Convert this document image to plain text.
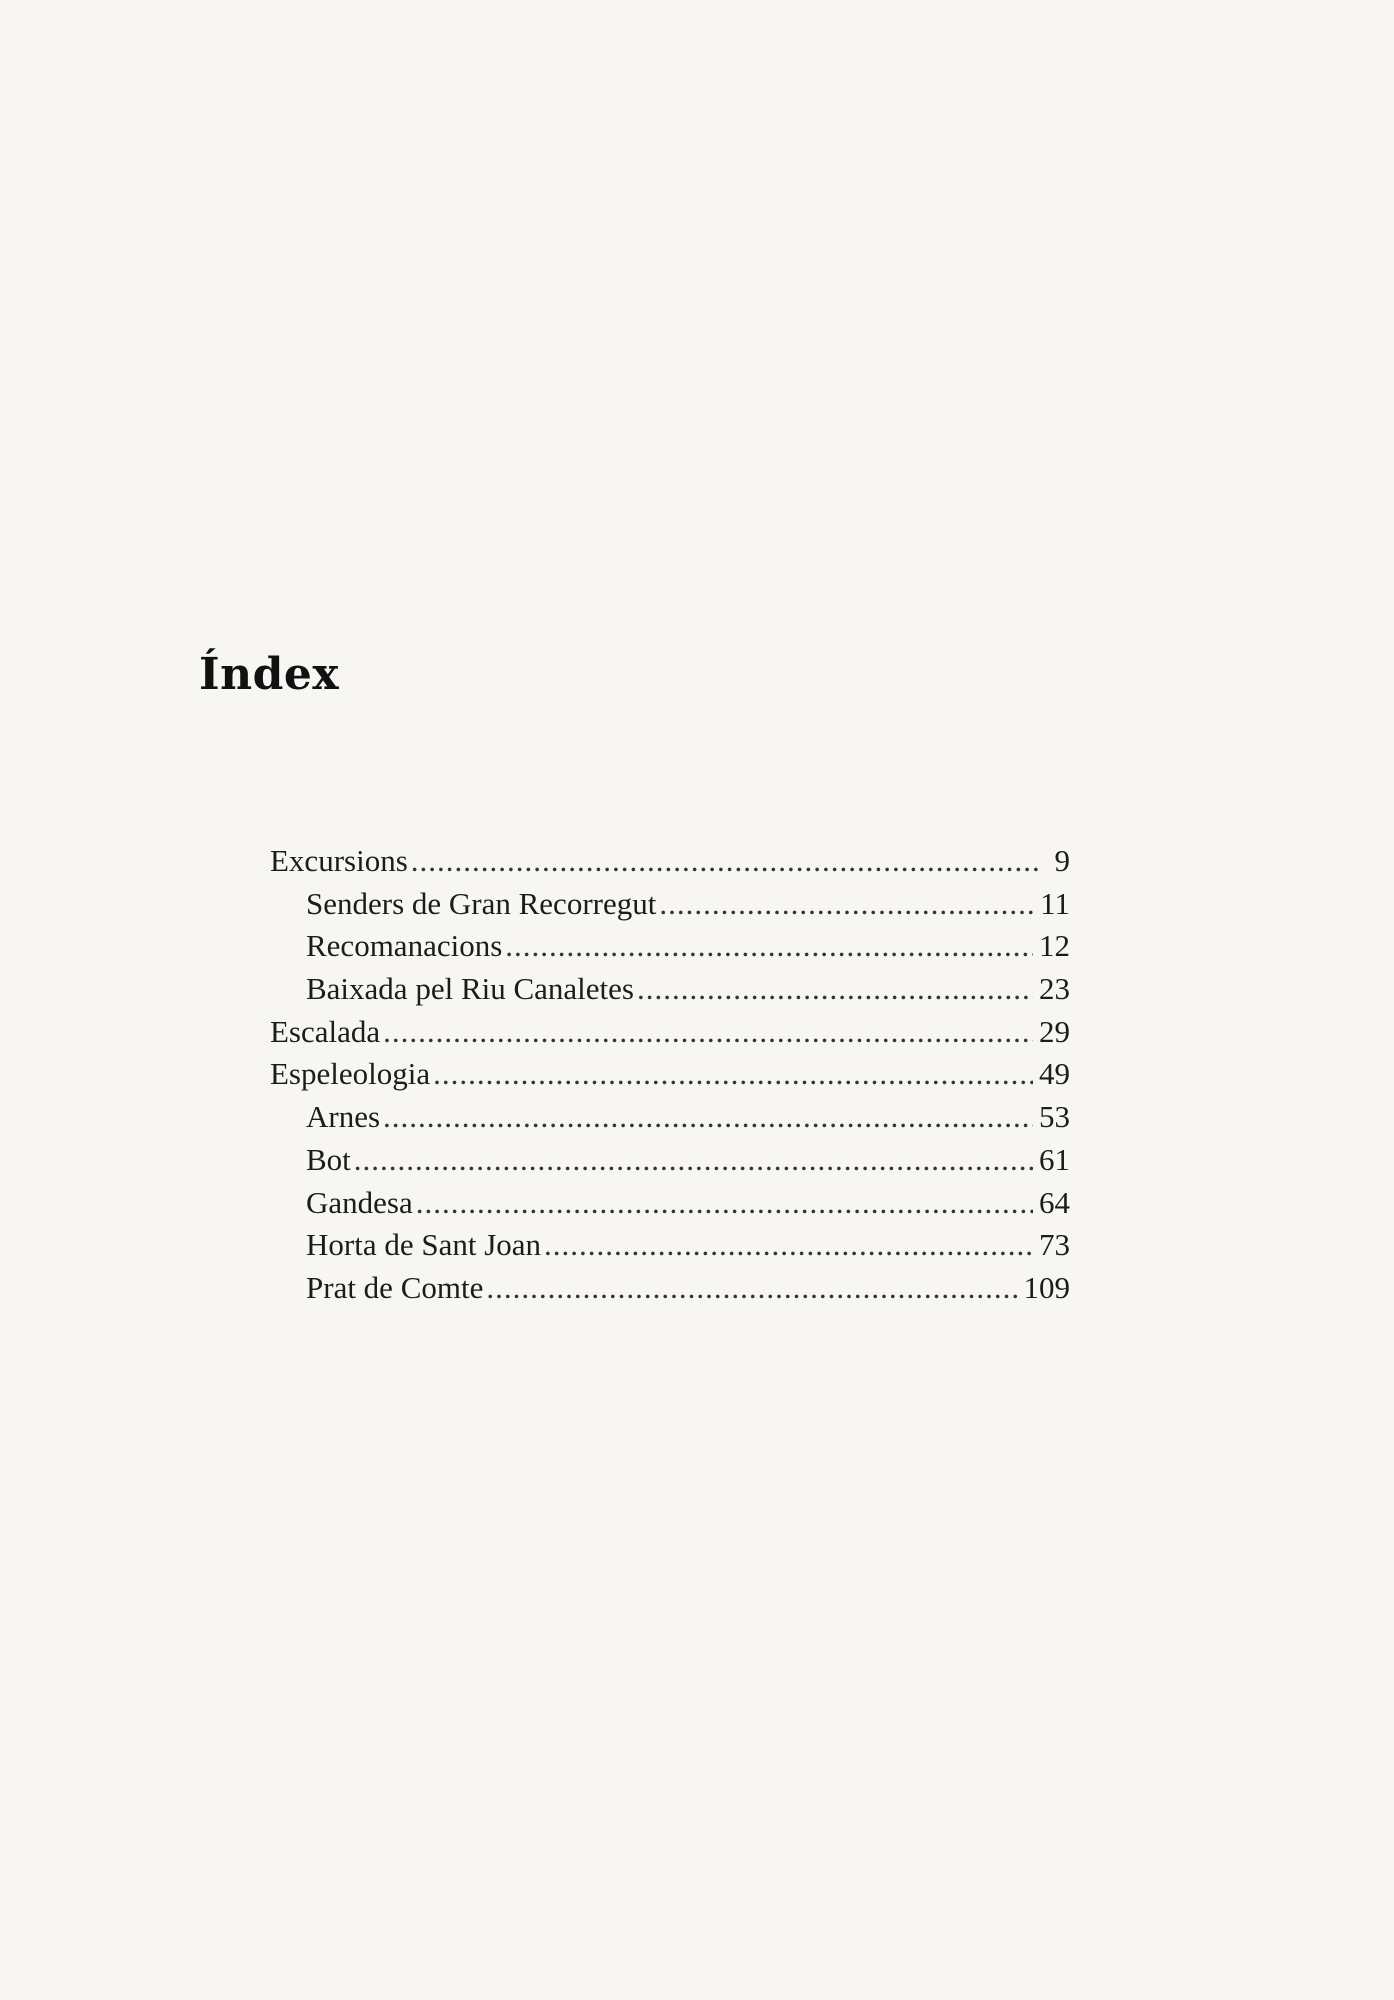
Índex
Excursions .....	9
Senders de Gran Recorregut .....	11
Recomanacions .....	12
Baixada pel Riu Canaletes .....	23
Escalada .....	29
Espeleologia .....	49
Arnes .....	53
Bot .....	61
Gandesa .....	64
Horta de Sant Joan .....	73
Prat de Comte .....	109
